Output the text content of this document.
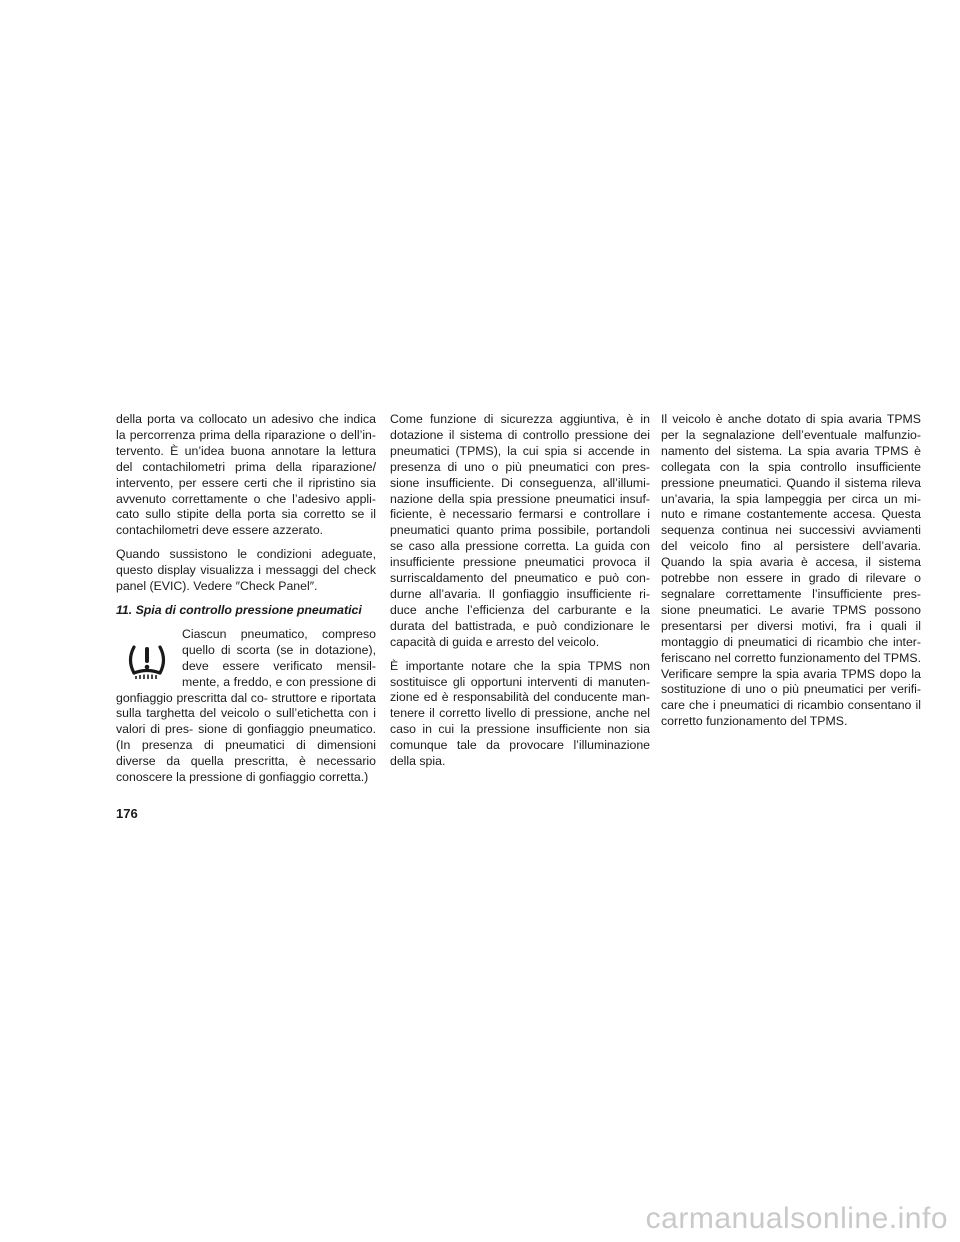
della porta va collocato un adesivo che indica la percorrenza prima della riparazione o dell’in- tervento. È un’idea buona annotare la lettura del contachilometri prima della riparazione/ intervento, per essere certi che il ripristino sia avvenuto correttamente o che l’adesivo appli- cato sullo stipite della porta sia corretto se il contachilometri deve essere azzerato.

Quando sussistono le condizioni adeguate, questo display visualizza i messaggi del check panel (EVIC). Vedere ″Check Panel″.

11. Spia di controllo pressione pneumatici

Ciascun pneumatico, compreso quello di scorta (se in dotazione), deve essere verificato mensil- mente, a freddo, e con pressione di gonfiaggio prescritta dal co- struttore e riportata sulla targhetta del veicolo o sull’etichetta con i valori di pres- sione di gonfiaggio pneumatico. (In presenza di pneumatici di dimensioni diverse da quella prescritta, è necessario conoscere la pressione di gonfiaggio corretta.)

Come funzione di sicurezza aggiuntiva, è in dotazione il sistema di controllo pressione dei pneumatici (TPMS), la cui spia si accende in presenza di uno o più pneumatici con pres- sione insufficiente. Di conseguenza, all’illumi- nazione della spia pressione pneumatici insuf- ficiente, è necessario fermarsi e controllare i pneumatici quanto prima possibile, portandoli se caso alla pressione corretta. La guida con insufficiente pressione pneumatici provoca il surriscaldamento del pneumatico e può con- durne all’avaria. Il gonfiaggio insufficiente ri- duce anche l’efficienza del carburante e la durata del battistrada, e può condizionare le capacità di guida e arresto del veicolo.

È importante notare che la spia TPMS non sostituisce gli opportuni interventi di manuten- zione ed è responsabilità del conducente man- tenere il corretto livello di pressione, anche nel caso in cui la pressione insufficiente non sia comunque tale da provocare l’illuminazione della spia.

Il veicolo è anche dotato di spia avaria TPMS per la segnalazione dell’eventuale malfunzio- namento del sistema. La spia avaria TPMS è collegata con la spia controllo insufficiente pressione pneumatici. Quando il sistema rileva un’avaria, la spia lampeggia per circa un mi- nuto e rimane costantemente accesa. Questa sequenza continua nei successivi avviamenti del veicolo fino al persistere dell’avaria. Quando la spia avaria è accesa, il sistema potrebbe non essere in grado di rilevare o segnalare correttamente l’insufficiente pres- sione pneumatici. Le avarie TPMS possono presentarsi per diversi motivi, fra i quali il montaggio di pneumatici di ricambio che inter- feriscano nel corretto funzionamento del TPMS. Verificare sempre la spia avaria TPMS dopo la sostituzione di uno o più pneumatici per verifi- care che i pneumatici di ricambio consentano il corretto funzionamento del TPMS.

176
carmanualsonline.info
